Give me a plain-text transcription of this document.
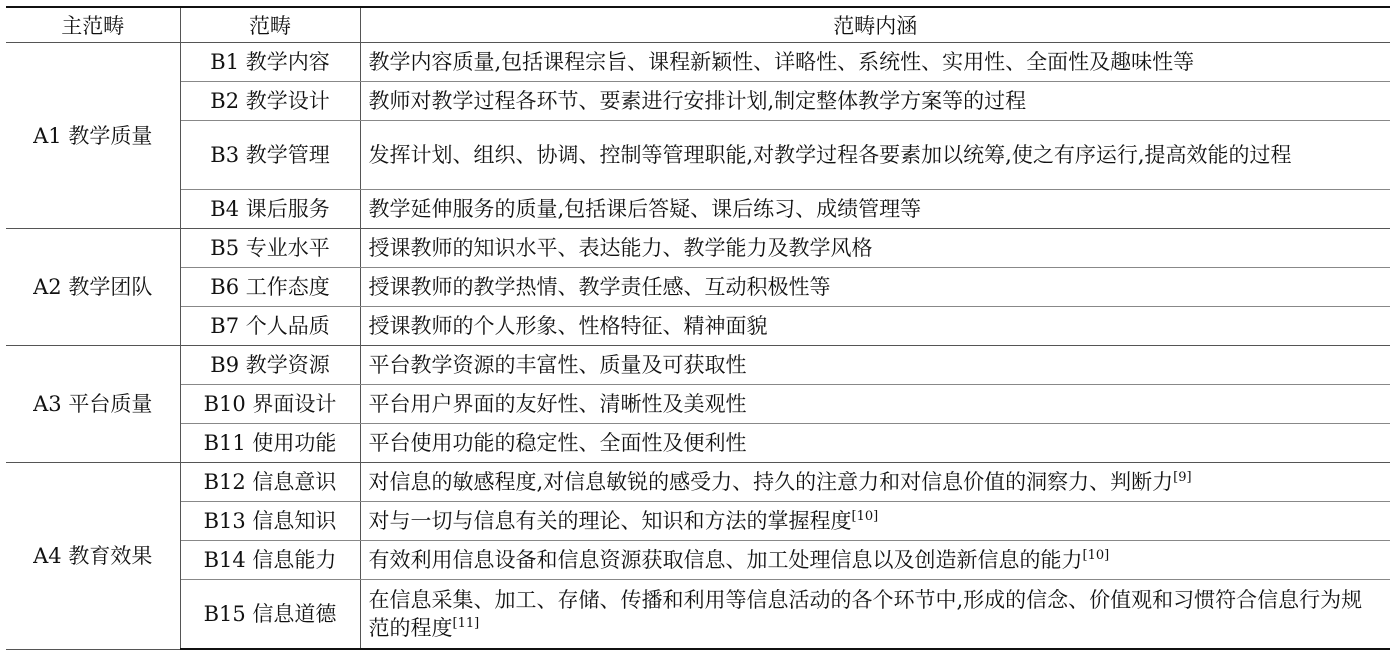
主范畴	范畴	范畴内涵
A1 教学质量	B1 教学内容	教学内容质量,包括课程宗旨、课程新颖性、详略性、系统性、实用性、全面性及趣味性等
	B2 教学设计	教师对教学过程各环节、要素进行安排计划,制定整体教学方案等的过程
	B3 教学管理	发挥计划、组织、协调、控制等管理职能,对教学过程各要素加以统筹,使之有序运行,提高效能的过程
	B4 课后服务	教学延伸服务的质量,包括课后答疑、课后练习、成绩管理等
A2 教学团队	B5 专业水平	授课教师的知识水平、表达能力、教学能力及教学风格
	B6 工作态度	授课教师的教学热情、教学责任感、互动积极性等
	B7 个人品质	授课教师的个人形象、性格特征、精神面貌
A3 平台质量	B9 教学资源	平台教学资源的丰富性、质量及可获取性
	B10 界面设计	平台用户界面的友好性、清晰性及美观性
	B11 使用功能	平台使用功能的稳定性、全面性及便利性
A4 教育效果	B12 信息意识	对信息的敏感程度,对信息敏锐的感受力、持久的注意力和对信息价值的洞察力、判断力[9]
	B13 信息知识	对与一切与信息有关的理论、知识和方法的掌握程度[10]
	B14 信息能力	有效利用信息设备和信息资源获取信息、加工处理信息以及创造新信息的能力[10]
	B15 信息道德	在信息采集、加工、存储、传播和利用等信息活动的各个环节中,形成的信念、价值观和习惯符合信息行为规范的程度[11]
